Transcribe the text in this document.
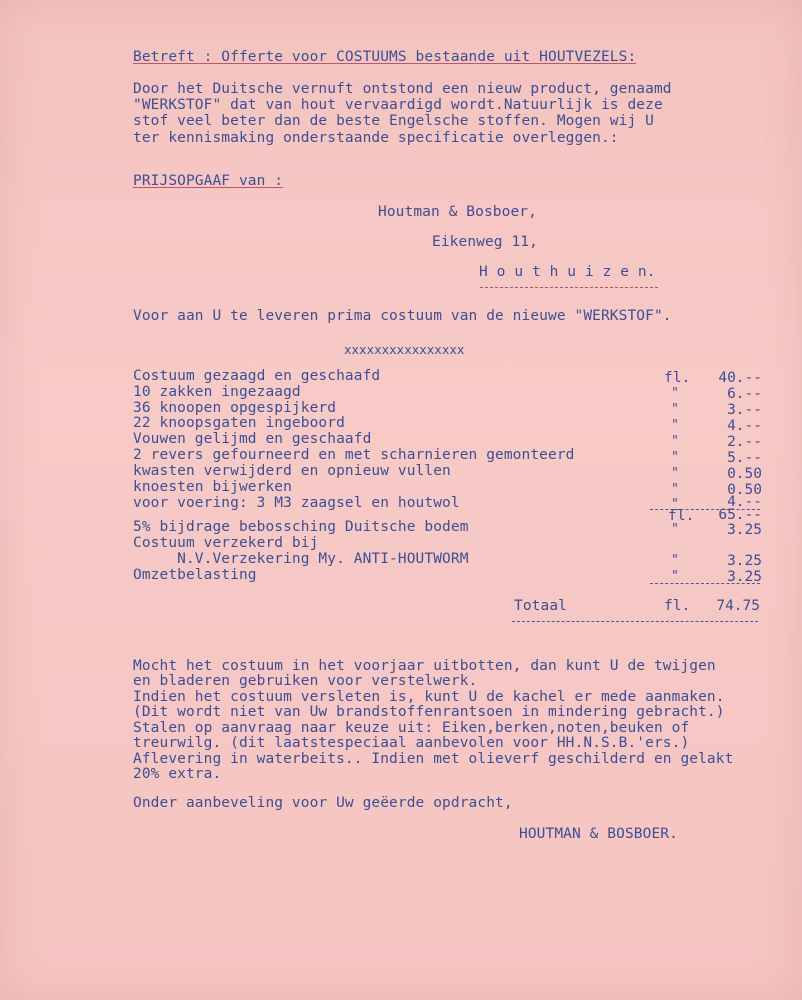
Betreft : Offerte voor COSTUUMS bestaande uit HOUTVEZELS:
Door het Duitsche vernuft ontstond een nieuw product, genaamd
"WERKSTOF" dat van hout vervaardigd wordt.Natuurlijk is deze
stof veel beter dan de beste Engelsche stoffen. Mogen wij U
ter kennismaking onderstaande specificatie overleggen.:
PRIJSOPGAAF van :
Houtman & Bosboer,
Eikenweg 11,
H o u t h u i z e n.
Voor aan U te leveren prima costuum van de nieuwe "WERKSTOF".
xxxxxxxxxxxxxxxx
Costuum gezaagd en geschaafd	fl.	40.--
10 zakken ingezaagd	"	6.--
36 knoopen opgespijkerd	"	3.--
22 knoopsgaten ingeboord	"	4.--
Vouwen gelijmd en geschaafd	"	2.--
2 revers gefourneerd en met scharnieren gemonteerd	"	5.--
kwasten verwijderd en opnieuw vullen	"	0.50
knoesten bijwerken	"	0.50
voor voering: 3 M3 zaagsel en houtwol	"	4.--
fl.	65.--
5% bijdrage bebossching Duitsche bodem	"	3.25
Costuum verzekerd bij
N.V.Verzekering My. ANTI-HOUTWORM	"	3.25
Omzetbelasting	"	3.25
Totaal	fl.	74.75
Mocht het costuum in het voorjaar uitbotten, dan kunt U de twijgen
en bladeren gebruiken voor verstelwerk.
Indien het costuum versleten is, kunt U de kachel er mede aanmaken.
(Dit wordt niet van Uw brandstoffenrantsoen in mindering gebracht.)
Stalen op aanvraag naar keuze uit: Eiken,berken,noten,beuken of
treurwilg. (dit laatstespeciaal aanbevolen voor HH.N.S.B.'ers.)
Aflevering in waterbeits.. Indien met olieverf geschilderd en gelakt
20% extra.
Onder aanbeveling voor Uw geëerde opdracht,
HOUTMAN & BOSBOER.
